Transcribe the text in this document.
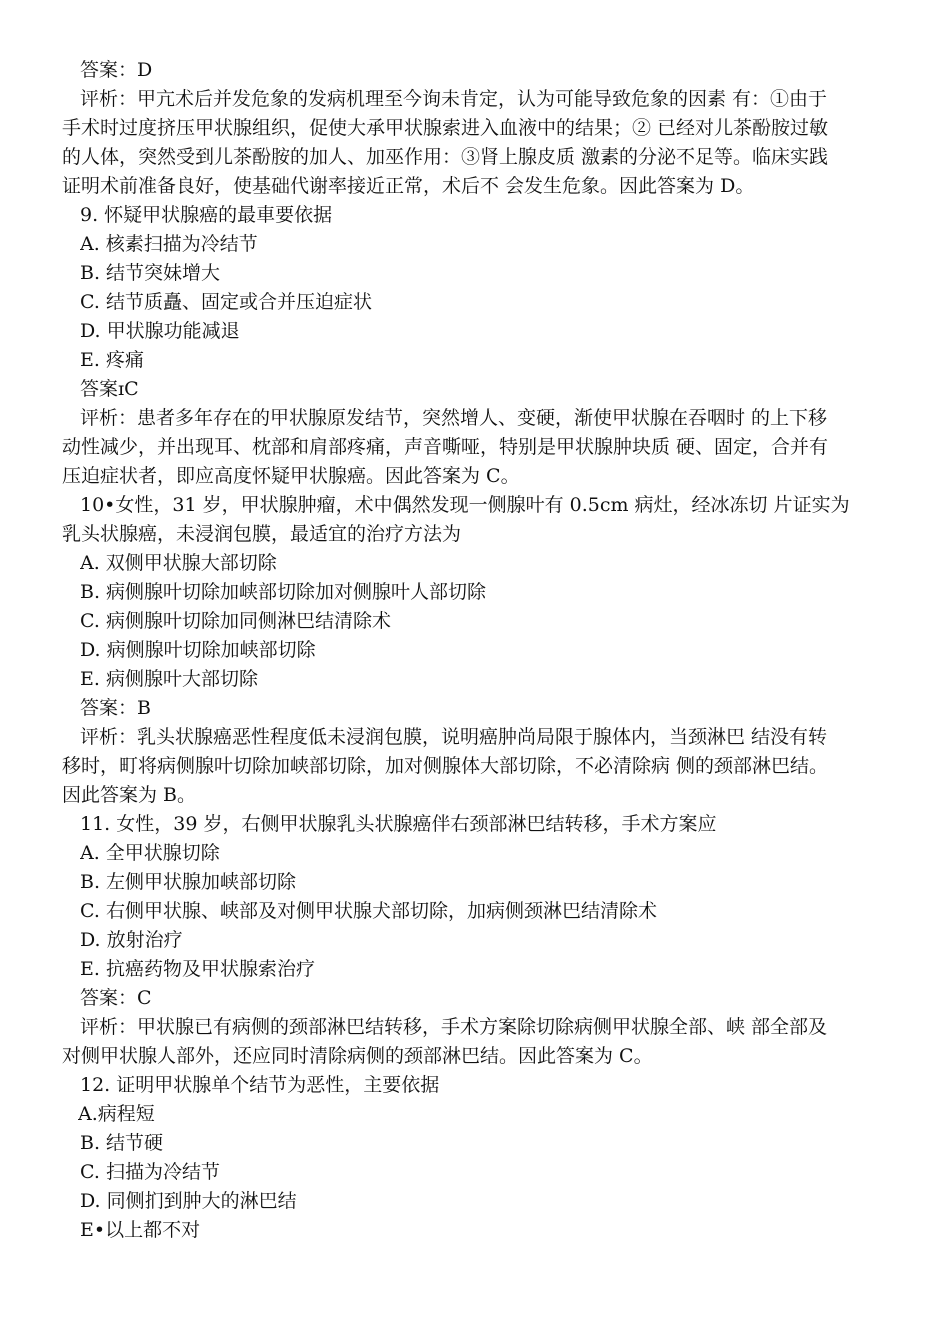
答案：D
评析：甲亢术后并发危象的发病机理至今询未肯定，认为可能导致危象的因素 有：①由于
手术时过度挤压甲状腺组织，促使大承甲状腺索进入血液中的结果；② 已经对儿茶酚胺过敏
的人体，突然受到儿茶酚胺的加人、加巫作用：③肾上腺皮质 激素的分泌不足等。临床实践
证明术前准备良好，使基础代谢率接近正常，术后不 会发生危象。因此答案为 D。
9. 怀疑甲状腺癌的最車要依据
A. 核素扫描为冷结节
B. 结节突妹增大
C. 结节质矗、固定或合并压迫症状
D. 甲状腺功能减退
E. 疼痛
答案ɪC
评析：患者多年存在的甲状腺原发结节，突然增人、变硬，渐使甲状腺在吞咽时 的上下移
动性减少，并出现耳、枕部和肩部疼痛，声音嘶哑，特别是甲状腺肿块质 硬、固定，合并有
压迫症状者，即应高度怀疑甲状腺癌。因此答案为 C。
10•女性，31 岁，甲状腺肿瘤，术中偶然发现一侧腺叶有 0.5cm 病灶，经冰冻切 片证实为
乳头状腺癌，未浸润包膜，最适宜的治疗方法为
A. 双侧甲状腺大部切除
B. 病侧腺叶切除加峡部切除加对侧腺叶人部切除
C. 病侧腺叶切除加同侧淋巴结清除术
D. 病侧腺叶切除加峡部切除
E. 病侧腺叶大部切除
答案：B
评析：乳头状腺癌恶性程度低未浸润包膜，说明癌肿尚局限于腺体内，当颈淋巴 结没有转
移时，町将病侧腺叶切除加峡部切除，加对侧腺体大部切除，不必清除病 侧的颈部淋巴结。
因此答案为 B。
11. 女性，39 岁，右侧甲状腺乳头状腺癌伴右颈部淋巴结转移，手术方案应
A. 全甲状腺切除
B. 左侧甲状腺加峡部切除
C. 右侧甲状腺、峡部及对侧甲状腺犬部切除，加病侧颈淋巴结清除术
D. 放射治疗
E. 抗癌药物及甲状腺索治疗
答案：C
评析：甲状腺已有病侧的颈部淋巴结转移，手术方案除切除病侧甲状腺全部、峡 部全部及
对侧甲状腺人部外，还应同时清除病侧的颈部淋巴结。因此答案为 C。
12. 证明甲状腺单个结节为恶性，主要依据
A.病程短
B. 结节硬
C. 扫描为冷结节
D. 同侧扪到肿大的淋巴结
E•以上都不对
